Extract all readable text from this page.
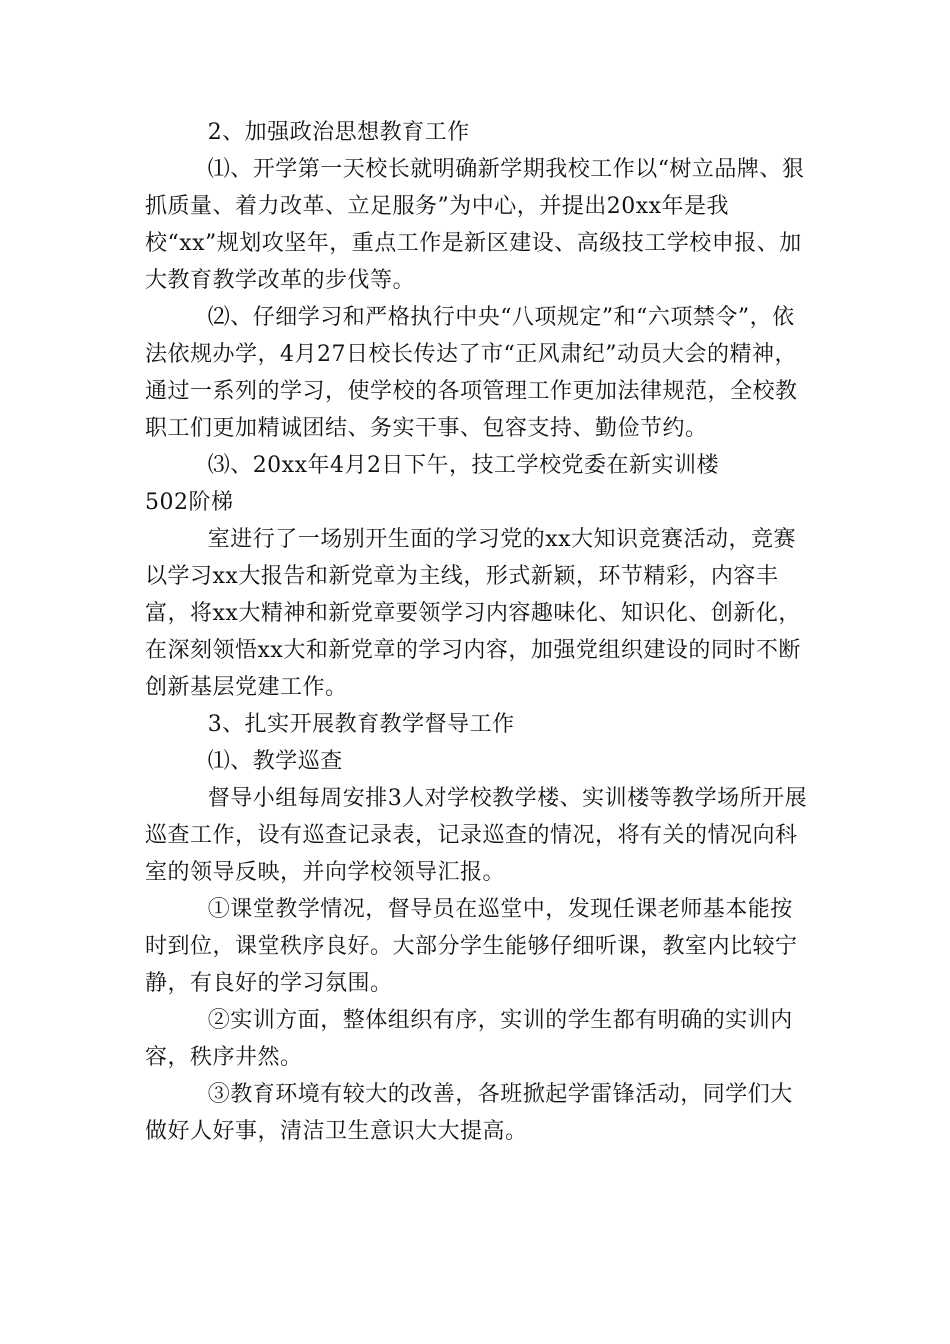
2、加强政治思想教育工作

⑴、开学第一天校长就明确新学期我校工作以“树立品牌、狠抓质量、着力改革、立足服务”为中心，并提出20xx年是我校“xx”规划攻坚年，重点工作是新区建设、高级技工学校申报、加大教育教学改革的步伐等。

⑵、仔细学习和严格执行中央“八项规定”和“六项禁令”，依法依规办学，4月27日校长传达了市“正风肃纪”动员大会的精神，通过一系列的学习，使学校的各项管理工作更加法律规范，全校教职工们更加精诚团结、务实干事、包容支持、勤俭节约。

⑶、20xx年4月2日下午，技工学校党委在新实训楼

502阶梯

室进行了一场别开生面的学习党的xx大知识竞赛活动，竞赛以学习xx大报告和新党章为主线，形式新颖，环节精彩，内容丰富，将xx大精神和新党章要领学习内容趣味化、知识化、创新化，在深刻领悟xx大和新党章的学习内容，加强党组织建设的同时不断创新基层党建工作。

3、扎实开展教育教学督导工作

⑴、教学巡查

督导小组每周安排3人对学校教学楼、实训楼等教学场所开展巡查工作，设有巡查记录表，记录巡查的情况，将有关的情况向科室的领导反映，并向学校领导汇报。

①课堂教学情况，督导员在巡堂中，发现任课老师基本能按时到位，课堂秩序良好。大部分学生能够仔细听课，教室内比较宁静，有良好的学习氛围。

②实训方面，整体组织有序，实训的学生都有明确的实训内容，秩序井然。

③教育环境有较大的改善，各班掀起学雷锋活动，同学们大做好人好事，清洁卫生意识大大提高。
